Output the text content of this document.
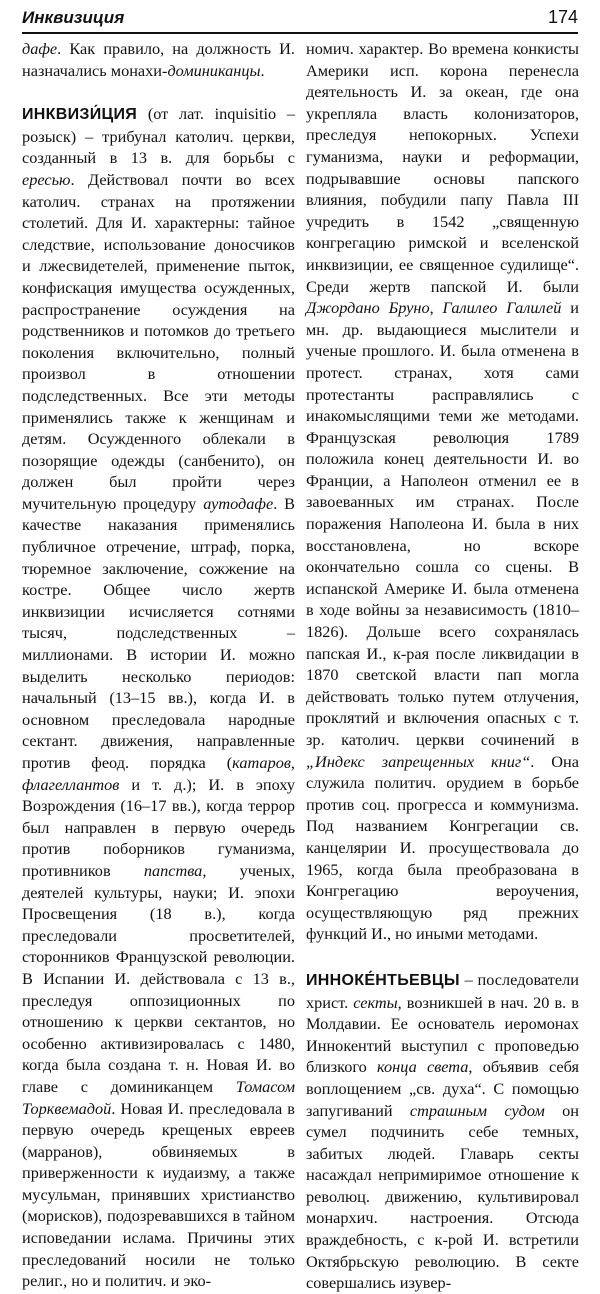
Инквизиция	174

дафе. Как правило, на должность И. назначались монахи-доминиканцы.

ИНКВИЗИ́ЦИЯ (от лат. inquisitio – розыск) – трибунал католич. церкви, созданный в 13 в. для борьбы с ересью. Действовал почти во всех католич. странах на протяжении столетий. Для И. характерны: тайное следствие, использование доносчиков и лжесвидетелей, применение пыток, конфискация имущества осужденных, распространение осуждения на родственников и потомков до третьего поколения включительно, полный произвол в отношении подследственных. Все эти методы применялись также к женщинам и детям. Осужденного облекали в позорящие одежды (санбенито), он должен был пройти через мучительную процедуру аутодафе. В качестве наказания применялись публичное отречение, штраф, порка, тюремное заключение, сожжение на костре. Общее число жертв инквизиции исчисляется сотнями тысяч, подследственных – миллионами. В истории И. можно выделить несколько периодов: начальный (13–15 вв.), когда И. в основном преследовала народные сектант. движения, направленные против феод. порядка (катаров, флагеллантов и т. д.); И. в эпоху Возрождения (16–17 вв.), когда террор был направлен в первую очередь против поборников гуманизма, противников папства, ученых, деятелей культуры, науки; И. эпохи Просвещения (18 в.), когда преследовали просветителей, сторонников Французской революции. В Испании И. действовала с 13 в., преследуя оппозиционных по отношению к церкви сектантов, но особенно активизировалась с 1480, когда была создана т. н. Новая И. во главе с доминиканцем Томасом Торквемадой. Новая И. преследовала в первую очередь крещеных евреев (марранов), обвиняемых в приверженности к иудаизму, а также мусульман, принявших христианство (морисков), подозревавшихся в тайном исповедании ислама. Причины этих преследований носили не только религ., но и политич. и эко-

номич. характер. Во времена конкисты Америки исп. корона перенесла деятельность И. за океан, где она укрепляла власть колонизаторов, преследуя непокорных. Успехи гуманизма, науки и реформации, подрывавшие основы папского влияния, побудили папу Павла III учредить в 1542 „священную конгрегацию римской и вселенской инквизиции, ее священное судилище“. Среди жертв папской И. были Джордано Бруно, Галилео Галилей и мн. др. выдающиеся мыслители и ученые прошлого. И. была отменена в протест. странах, хотя сами протестанты расправлялись с инакомыслящими теми же методами. Французская революция 1789 положила конец деятельности И. во Франции, а Наполеон отменил ее в завоеванных им странах. После поражения Наполеона И. была в них восстановлена, но вскоре окончательно сошла со сцены. В испанской Америке И. была отменена в ходе войны за независимость (1810–1826). Дольше всего сохранялась папская И., к-рая после ликвидации в 1870 светской власти пап могла действовать только путем отлучения, проклятий и включения опасных с т. зр. католич. церкви сочинений в „Индекс запрещенных книг“. Она служила политич. орудием в борьбе против соц. прогресса и коммунизма. Под названием Конгрегации св. канцелярии И. просуществовала до 1965, когда была преобразована в Конгрегацию вероучения, осуществляющую ряд прежних функций И., но иными методами.

ИННОКЕ́НТЬЕВЦЫ – последователи христ. секты, возникшей в нач. 20 в. в Молдавии. Ее основатель иеромонах Иннокентий выступил с проповедью близкого конца света, объявив себя воплощением „св. духа“. С помощью запугиваний страшным судом он сумел подчинить себе темных, забитых людей. Главарь секты насаждал непримиримое отношение к революц. движению, культивировал монархич. настроения. Отсюда враждебность, с к-рой И. встретили Октябрьскую революцию. В секте совершались изувер-
